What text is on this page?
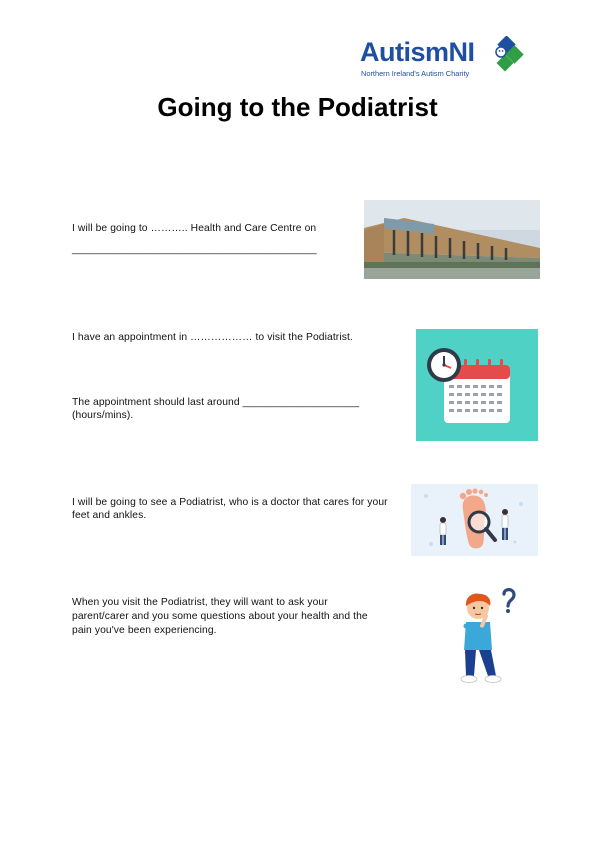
AutismNI
Northern Ireland's Autism Charity
Going to the Podiatrist
I will be going to ……….. Health and Care Centre on
__________________________________________
I have an appointment in ……………… to visit the Podiatrist.
The appointment should last around ____________________
(hours/mins).
I will be going to see a Podiatrist, who is a doctor that cares for your
feet and ankles.
When you visit the Podiatrist, they will want to ask your
parent/carer and you some questions about your health and the
pain you've been experiencing.
